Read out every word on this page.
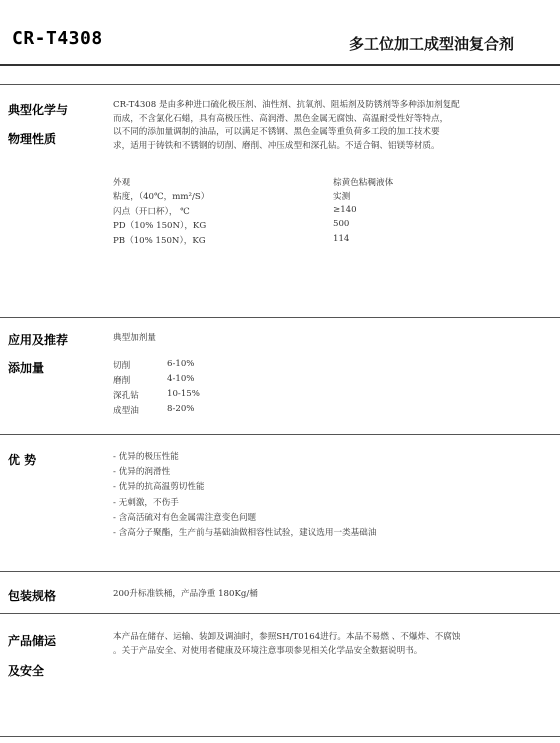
CR-T4308	多工位加工成型油复合剂
典型化学与
物理性质
CR-T4308 是由多种进口硫化极压剂、油性剂、抗氧剂、阻垢剂及防锈剂等多种添加剂复配
而成，不含氯化石蜡，具有高极压性、高润滑、黑色金属无腐蚀、高温耐受性好等特点，
以不同的添加量调制的油品，可以满足不锈钢、黑色金属等重负荷多工段的加工技术要
求，适用于铸铁和不锈钢的切削、磨削、冲压成型和深孔钻。不适合铜、铝镁等材质。
外观	棕黄色粘稠液体
粘度，（40℃，mm²/S）	实测
闪点（开口杯）， ℃	≥140
PD（10% 150N），KG	500
PB（10% 150N），KG	114
应用及推荐	典型加剂量
添加量	切削	6-10%
磨削	4-10%
深孔钻	10-15%
成型油	8-20%
优 势	- 优异的极压性能
- 优异的润滑性
- 优异的抗高温剪切性能
- 无刺激，不伤手
- 含高活硫对有色金属需注意变色问题
- 含高分子聚酯，生产前与基础油做相容性试验，建议选用一类基础油
包装规格	200升标准铁桶，产品净重 180Kg/桶
产品储运
及安全
本产品在储存、运输、装卸及调油时，参照SH/T0164进行。本品不易燃 、不爆炸、不腐蚀
。关于产品安全、对使用者健康及环境注意事项参见相关化学品安全数据说明书。
